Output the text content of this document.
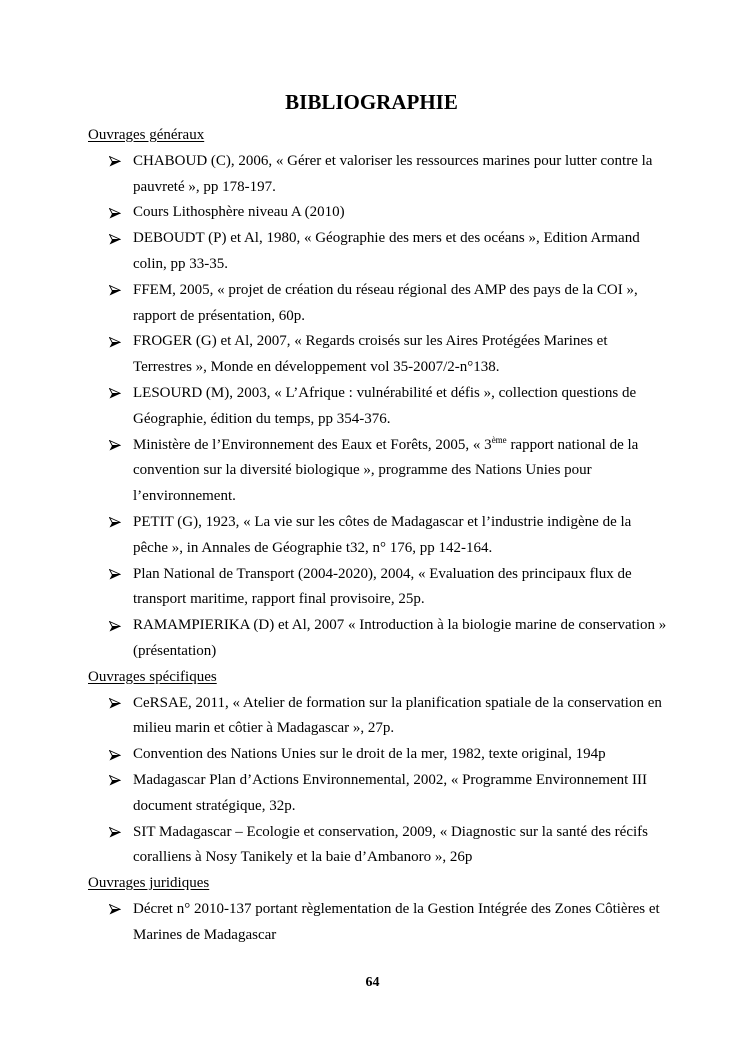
BIBLIOGRAPHIE
Ouvrages généraux
CHABOUD (C), 2006, « Gérer et valoriser les ressources marines pour lutter contre la pauvreté », pp 178-197.
Cours Lithosphère niveau A (2010)
DEBOUDT (P) et Al, 1980, « Géographie des mers et des océans », Edition Armand colin, pp 33-35.
FFEM, 2005, « projet de création du réseau régional des AMP des pays de la COI », rapport de présentation, 60p.
FROGER (G) et Al, 2007, « Regards croisés sur les Aires Protégées Marines et Terrestres », Monde en développement vol 35-2007/2-n°138.
LESOURD (M), 2003, « L’Afrique : vulnérabilité et défis », collection questions de Géographie, édition du temps, pp 354-376.
Ministère de l’Environnement des Eaux et Forêts, 2005, « 3ème rapport national de la convention sur la diversité biologique », programme des Nations Unies pour l’environnement.
PETIT (G), 1923, « La vie sur les côtes de Madagascar et l’industrie indigène de la pêche », in Annales de Géographie t32, n° 176, pp 142-164.
Plan National de Transport (2004-2020), 2004, « Evaluation des principaux flux de transport maritime, rapport final provisoire, 25p.
RAMAMPIERIKA (D) et Al, 2007 « Introduction à la biologie marine de conservation » (présentation)
Ouvrages spécifiques
CeRSAE, 2011, « Atelier de formation sur la planification spatiale de la conservation en milieu marin et côtier à Madagascar », 27p.
Convention des Nations Unies sur le droit de la mer, 1982, texte original, 194p
Madagascar Plan d’Actions Environnemental, 2002, « Programme Environnement III document stratégique, 32p.
SIT Madagascar – Ecologie et conservation, 2009, « Diagnostic sur la santé des récifs coralliens à Nosy Tanikely et la baie d’Ambanoro », 26p
Ouvrages juridiques
Décret n° 2010-137 portant règlementation de la Gestion Intégrée des Zones Côtières et Marines de Madagascar
64
